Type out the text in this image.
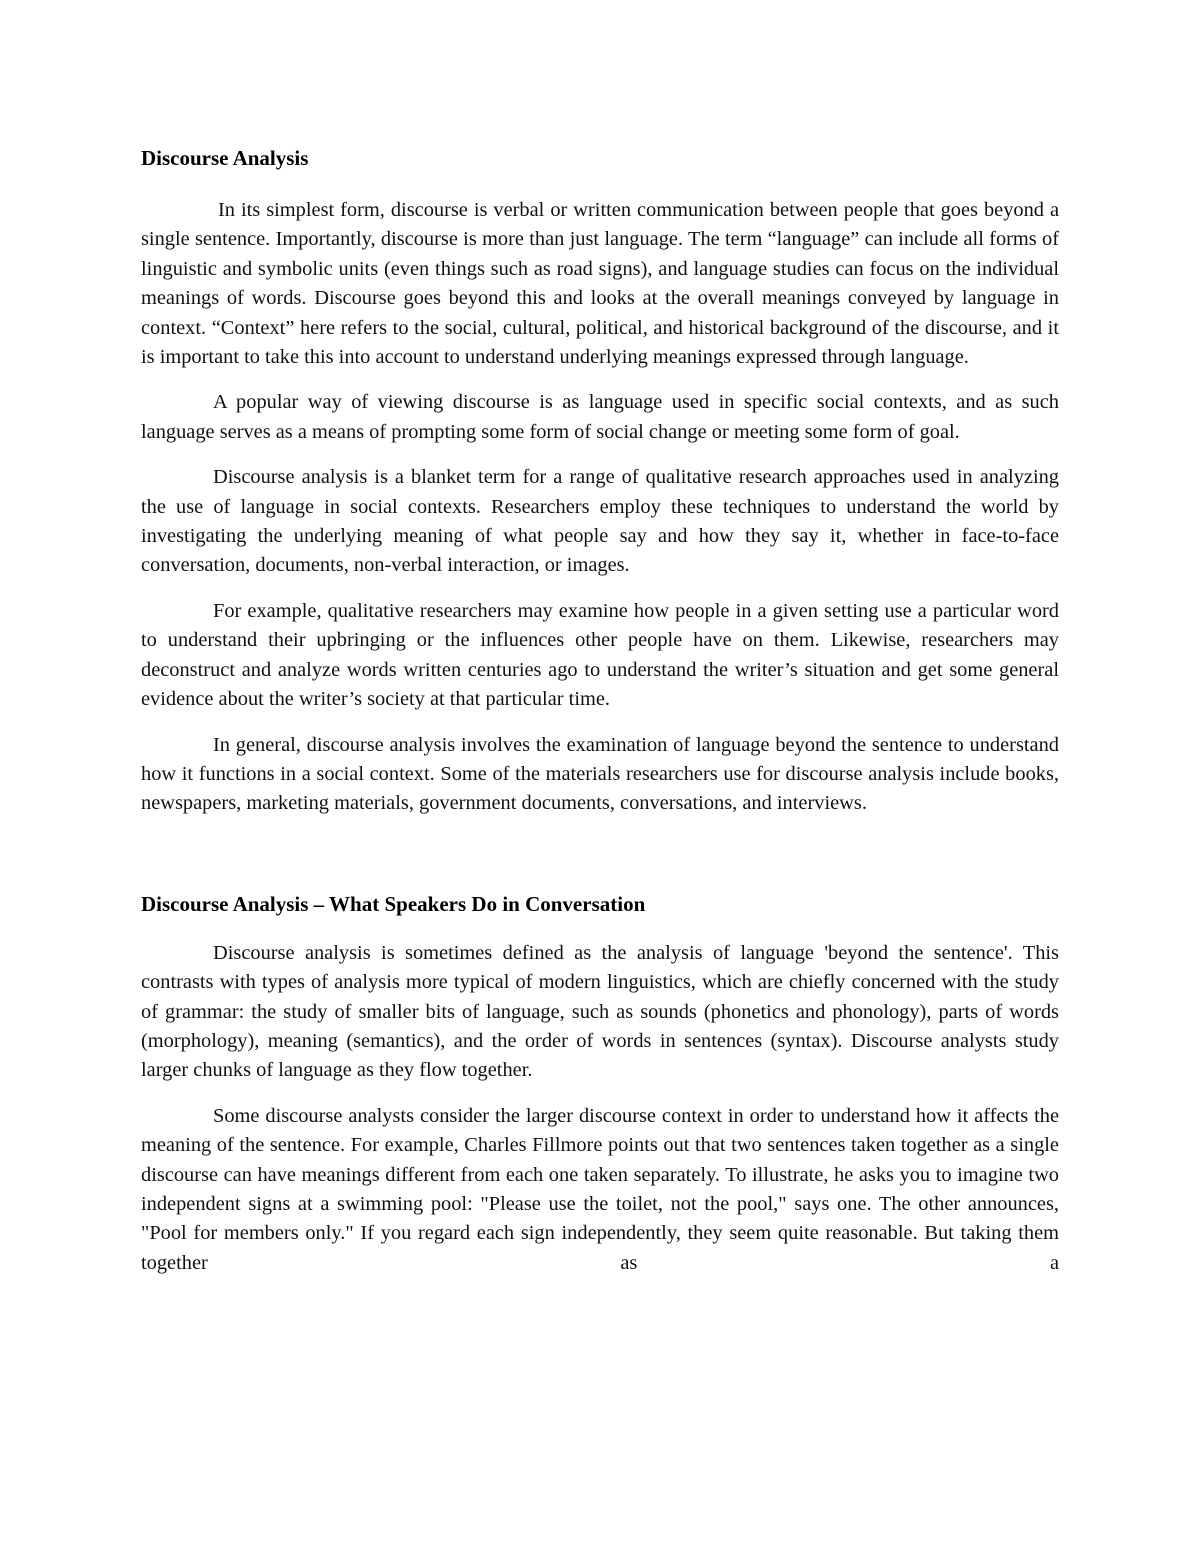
Discourse Analysis

In its simplest form, discourse is verbal or written communication between people that goes beyond a single sentence. Importantly, discourse is more than just language. The term “language” can include all forms of linguistic and symbolic units (even things such as road signs), and language studies can focus on the individual meanings of words. Discourse goes beyond this and looks at the overall meanings conveyed by language in context. “Context” here refers to the social, cultural, political, and historical background of the discourse, and it is important to take this into account to understand underlying meanings expressed through language.

A popular way of viewing discourse is as language used in specific social contexts, and as such language serves as a means of prompting some form of social change or meeting some form of goal.

Discourse analysis is a blanket term for a range of qualitative research approaches used in analyzing the use of language in social contexts. Researchers employ these techniques to understand the world by investigating the underlying meaning of what people say and how they say it, whether in face-to-face conversation, documents, non-verbal interaction, or images.

For example, qualitative researchers may examine how people in a given setting use a particular word to understand their upbringing or the influences other people have on them. Likewise, researchers may deconstruct and analyze words written centuries ago to understand the writer’s situation and get some general evidence about the writer’s society at that particular time.

In general, discourse analysis involves the examination of language beyond the sentence to understand how it functions in a social context. Some of the materials researchers use for discourse analysis include books, newspapers, marketing materials, government documents, conversations, and interviews.

Discourse Analysis – What Speakers Do in Conversation

Discourse analysis is sometimes defined as the analysis of language 'beyond the sentence'. This contrasts with types of analysis more typical of modern linguistics, which are chiefly concerned with the study of grammar: the study of smaller bits of language, such as sounds (phonetics and phonology), parts of words (morphology), meaning (semantics), and the order of words in sentences (syntax). Discourse analysts study larger chunks of language as they flow together.

Some discourse analysts consider the larger discourse context in order to understand how it affects the meaning of the sentence. For example, Charles Fillmore points out that two sentences taken together as a single discourse can have meanings different from each one taken separately. To illustrate, he asks you to imagine two independent signs at a swimming pool: "Please use the toilet, not the pool," says one. The other announces, "Pool for members only." If you regard each sign independently, they seem quite reasonable. But taking them together as a
